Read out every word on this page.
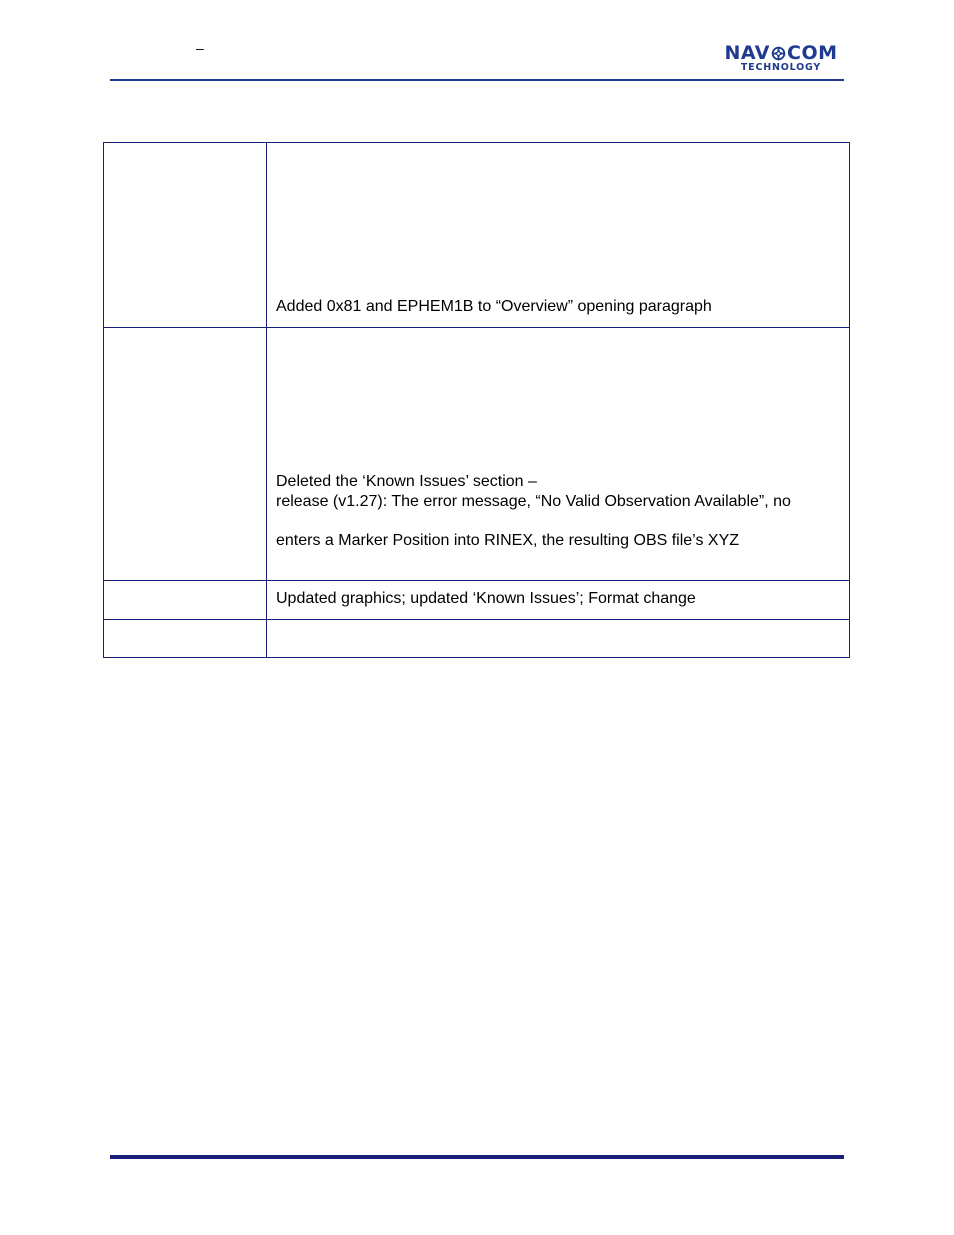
–	NAV COM
TECHNOLOGY

	Added 0x81 and EPHEM1B to “Overview” opening paragraph

	Deleted the ‘Known Issues’ section –
release (v1.27): The error message, “No Valid Observation Available”, no
enters a Marker Position into RINEX, the resulting OBS file’s XYZ

	Updated graphics; updated ‘Known Issues’; Format change
